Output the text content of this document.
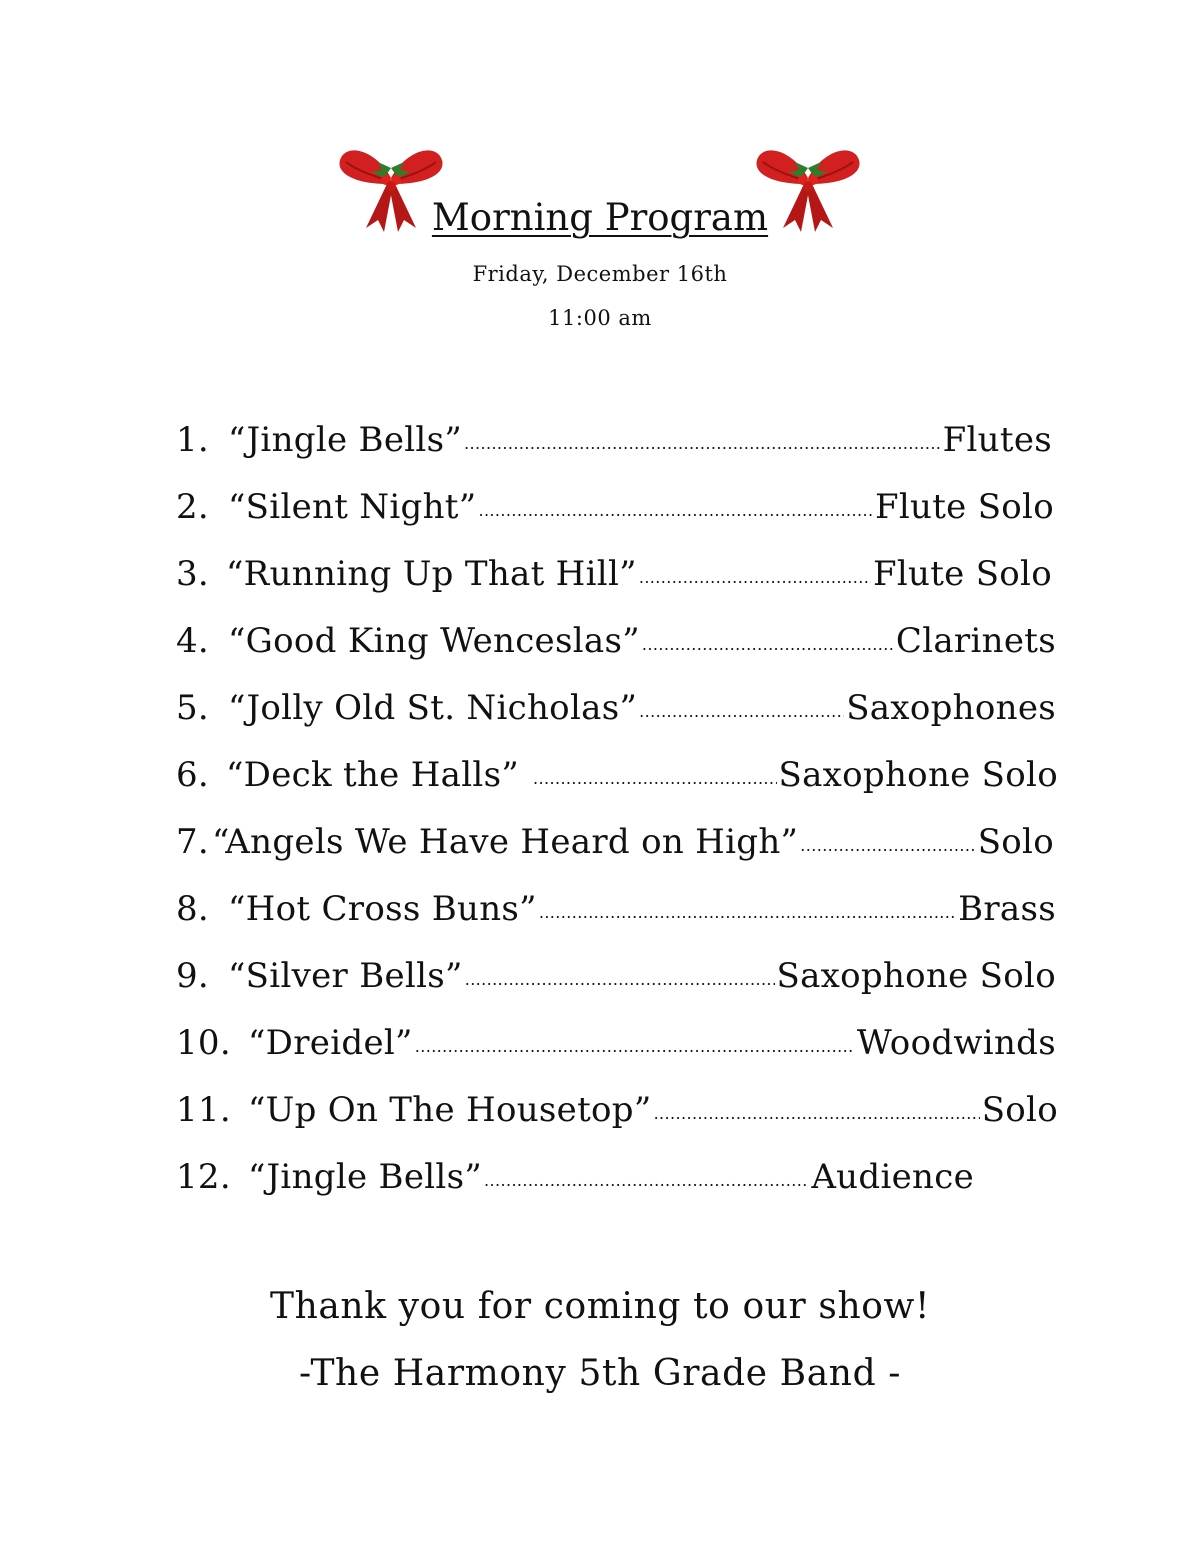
Morning Program
Friday, December 16th
11:00 am
1. “Jingle Bells” .....	Flutes
2. “Silent Night” .....	Flute Solo
3. “Running Up That Hill” .....	Flute Solo
4. “Good King Wenceslas” .....	Clarinets
5. “Jolly Old St. Nicholas” .....	Saxophones
6. “Deck the Halls” .....	Saxophone Solo
7. “Angels We Have Heard on High” .....	Solo
8. “Hot Cross Buns” .....	Brass
9. “Silver Bells” .....	Saxophone Solo
10. “Dreidel” .....	Woodwinds
11. “Up On The Housetop” .....	Solo
12. “Jingle Bells” .....	Audience
Thank you for coming to our show!
-The Harmony 5th Grade Band -
